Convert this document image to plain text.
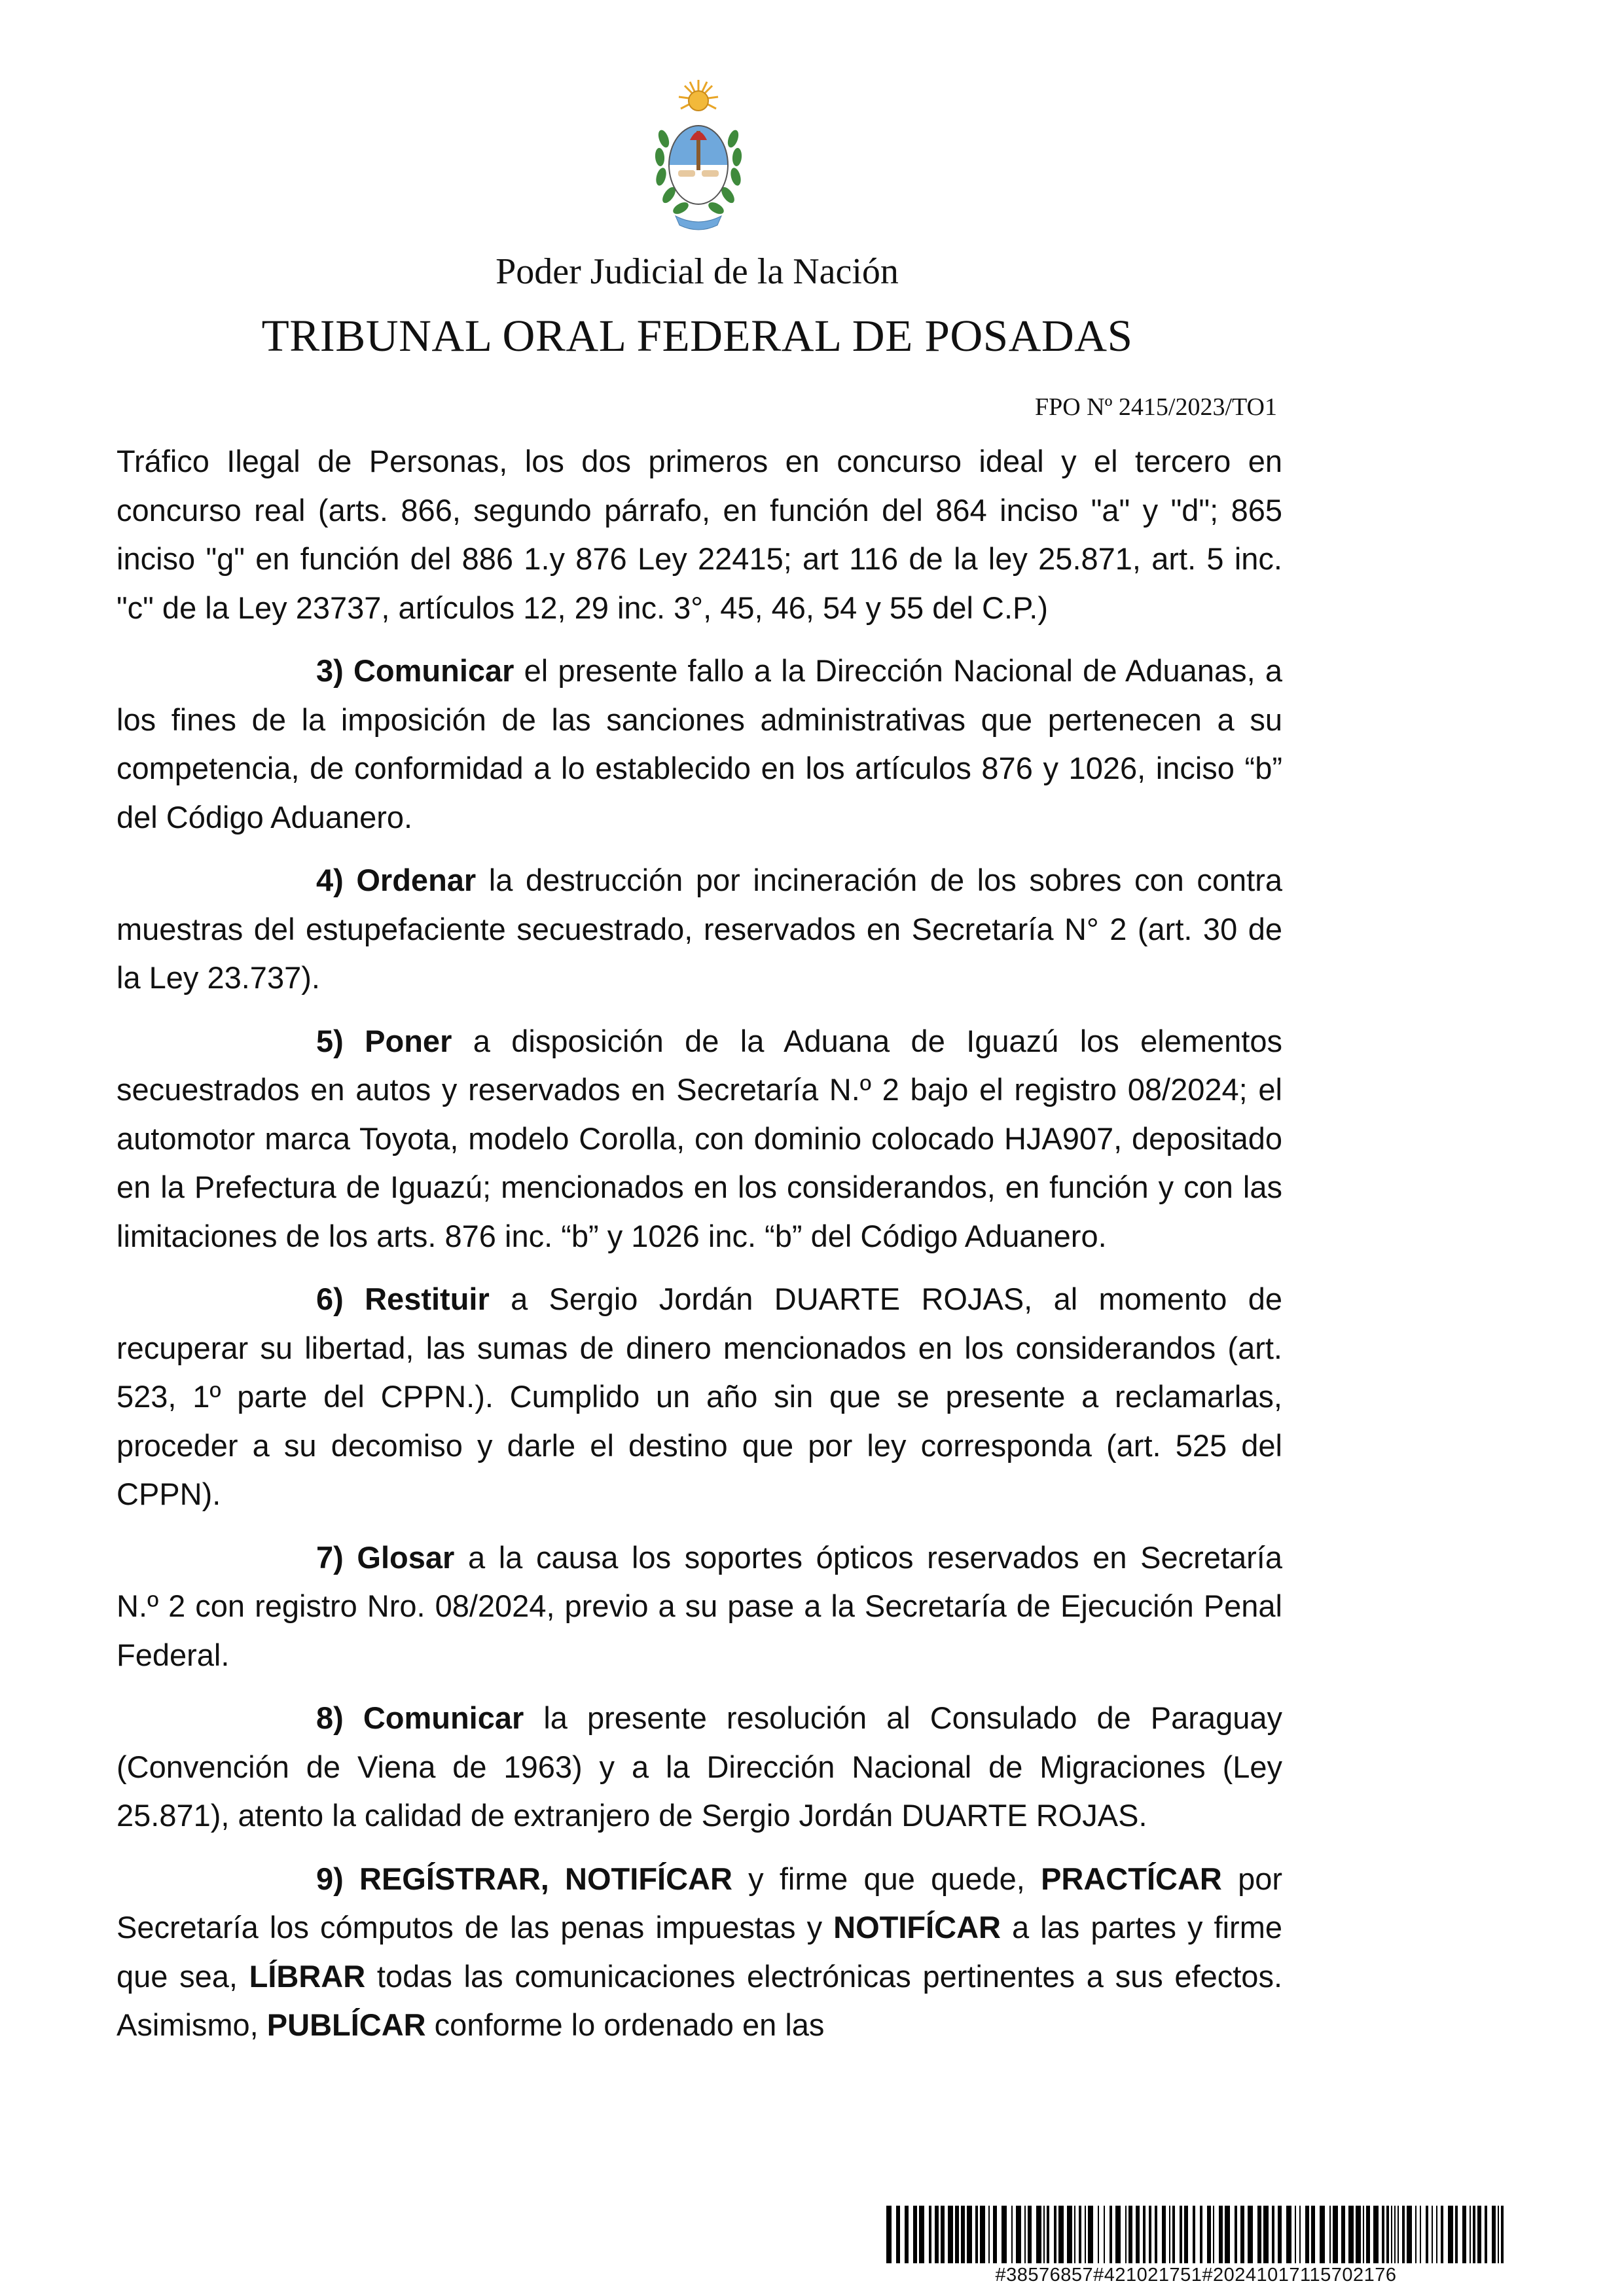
Poder Judicial de la Nación
TRIBUNAL ORAL FEDERAL DE POSADAS
FPO Nº 2415/2023/TO1

Tráfico Ilegal de Personas, los dos primeros en concurso ideal y el tercero en concurso real (arts. 866, segundo párrafo, en función del 864 inciso "a" y "d"; 865 inciso "g" en función del 886 1.y 876 Ley 22415; art 116 de la ley 25.871, art. 5 inc. "c" de la Ley 23737, artículos 12, 29 inc. 3°, 45, 46, 54 y 55 del C.P.)

3) Comunicar el presente fallo a la Dirección Nacional de Aduanas, a los fines de la imposición de las sanciones administrativas que pertenecen a su competencia, de conformidad a lo establecido en los artículos 876 y 1026, inciso “b” del Código Aduanero.

4) Ordenar la destrucción por incineración de los sobres con contra muestras del estupefaciente secuestrado, reservados en Secretaría N° 2 (art. 30 de la Ley 23.737).

5) Poner a disposición de la Aduana de Iguazú los elementos secuestrados en autos y reservados en Secretaría N.º 2 bajo el registro 08/2024; el automotor marca Toyota, modelo Corolla, con dominio colocado HJA907, depositado en la Prefectura de Iguazú; mencionados en los considerandos, en función y con las limitaciones de los arts. 876 inc. “b” y 1026 inc. “b” del Código Aduanero.

6) Restituir a Sergio Jordán DUARTE ROJAS, al momento de recuperar su libertad, las sumas de dinero mencionados en los considerandos (art. 523, 1º parte del CPPN.). Cumplido un año sin que se presente a reclamarlas, proceder a su decomiso y darle el destino que por ley corresponda (art. 525 del CPPN).

7) Glosar a la causa los soportes ópticos reservados en Secretaría N.º 2 con registro Nro. 08/2024, previo a su pase a la Secretaría de Ejecución Penal Federal.

8) Comunicar la presente resolución al Consulado de Paraguay (Convención de Viena de 1963) y a la Dirección Nacional de Migraciones (Ley 25.871), atento la calidad de extranjero de Sergio Jordán DUARTE ROJAS.

9) REGÍSTRAR, NOTIFÍCAR y firme que quede, PRACTÍCAR por Secretaría los cómputos de las penas impuestas y NOTIFÍCAR a las partes y firme que sea, LÍBRAR todas las comunicaciones electrónicas pertinentes a sus efectos. Asimismo, PUBLÍCAR conforme lo ordenado en las

#38576857#421021751#20241017115702176
